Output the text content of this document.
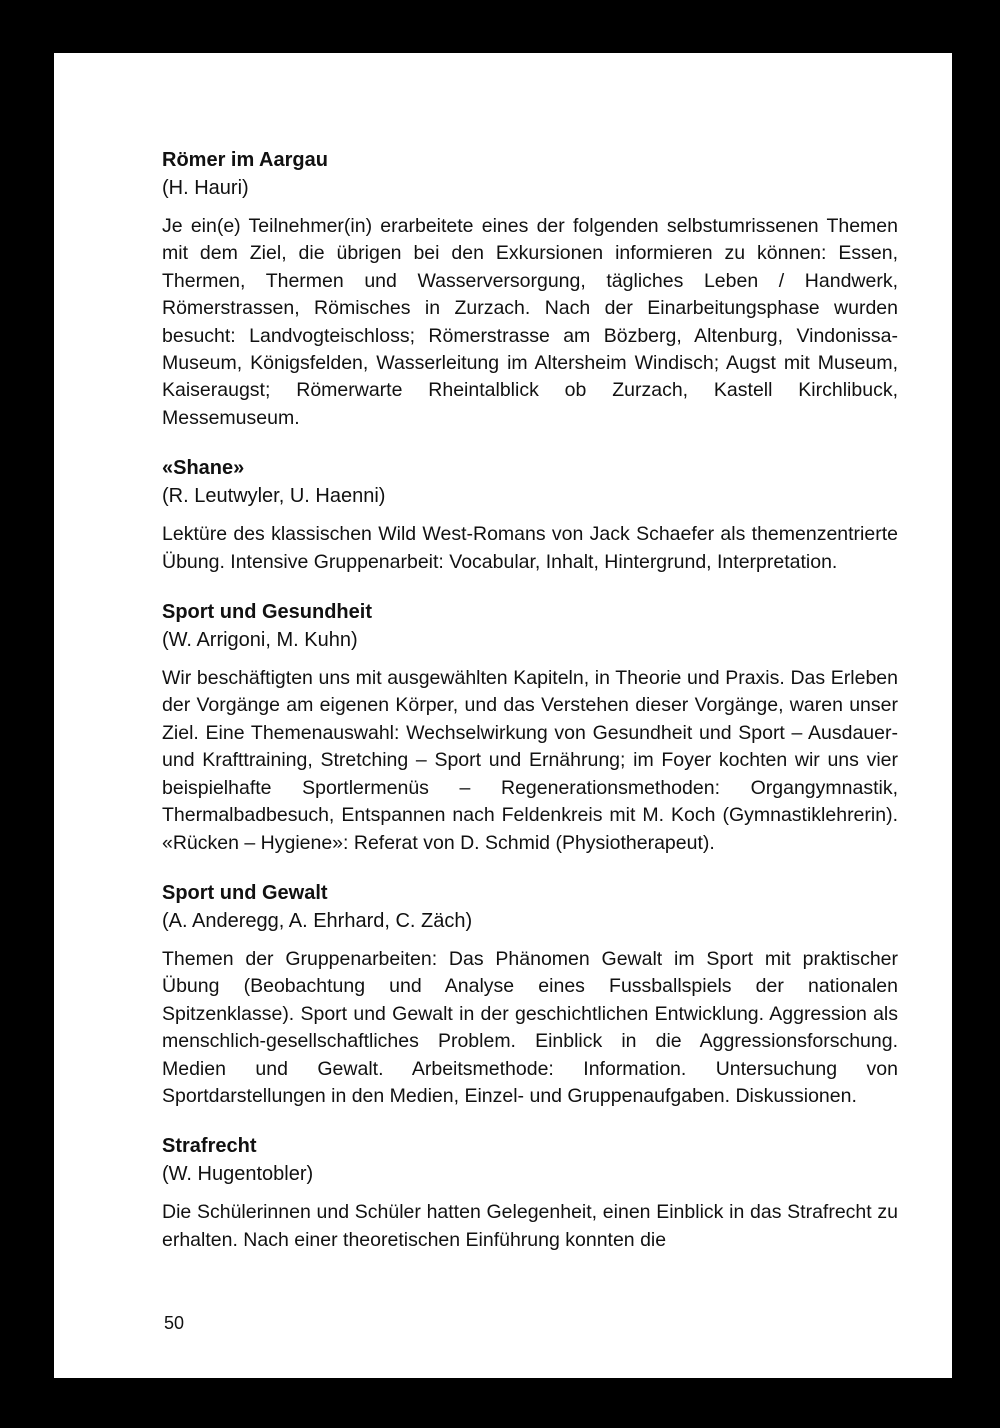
Römer im Aargau

(H. Hauri)

Je ein(e) Teilnehmer(in) erarbeitete eines der folgenden selbstumrissenen Themen mit dem Ziel, die übrigen bei den Exkursionen informieren zu können: Essen, Thermen, Thermen und Wasserversorgung, tägliches Leben / Handwerk, Römerstrassen, Römisches in Zurzach. Nach der Einarbeitungsphase wurden besucht: Landvogteischloss; Römerstrasse am Bözberg, Altenburg, Vindonissa-Museum, Königsfelden, Wasserleitung im Altersheim Windisch; Augst mit Museum, Kaiseraugst; Römerwarte Rheintalblick ob Zurzach, Kastell Kirchlibuck, Messemuseum.

«Shane»

(R. Leutwyler, U. Haenni)

Lektüre des klassischen Wild West-Romans von Jack Schaefer als themenzentrierte Übung. Intensive Gruppenarbeit: Vocabular, Inhalt, Hintergrund, Interpretation.

Sport und Gesundheit

(W. Arrigoni, M. Kuhn)

Wir beschäftigten uns mit ausgewählten Kapiteln, in Theorie und Praxis. Das Erleben der Vorgänge am eigenen Körper, und das Verstehen dieser Vorgänge, waren unser Ziel. Eine Themenauswahl: Wechselwirkung von Gesundheit und Sport – Ausdauer- und Krafttraining, Stretching – Sport und Ernährung; im Foyer kochten wir uns vier beispielhafte Sportlermenüs – Regenerationsmethoden: Organgymnastik, Thermalbadbesuch, Entspannen nach Feldenkreis mit M. Koch (Gymnastiklehrerin). «Rücken – Hygiene»: Referat von D. Schmid (Physiotherapeut).

Sport und Gewalt

(A. Anderegg, A. Ehrhard, C. Zäch)

Themen der Gruppenarbeiten: Das Phänomen Gewalt im Sport mit praktischer Übung (Beobachtung und Analyse eines Fussballspiels der nationalen Spitzenklasse). Sport und Gewalt in der geschichtlichen Entwicklung. Aggression als menschlich-gesellschaftliches Problem. Einblick in die Aggressionsforschung. Medien und Gewalt. Arbeitsmethode: Information. Untersuchung von Sportdarstellungen in den Medien, Einzel- und Gruppenaufgaben. Diskussionen.

Strafrecht

(W. Hugentobler)

Die Schülerinnen und Schüler hatten Gelegenheit, einen Einblick in das Strafrecht zu erhalten. Nach einer theoretischen Einführung konnten die

50
